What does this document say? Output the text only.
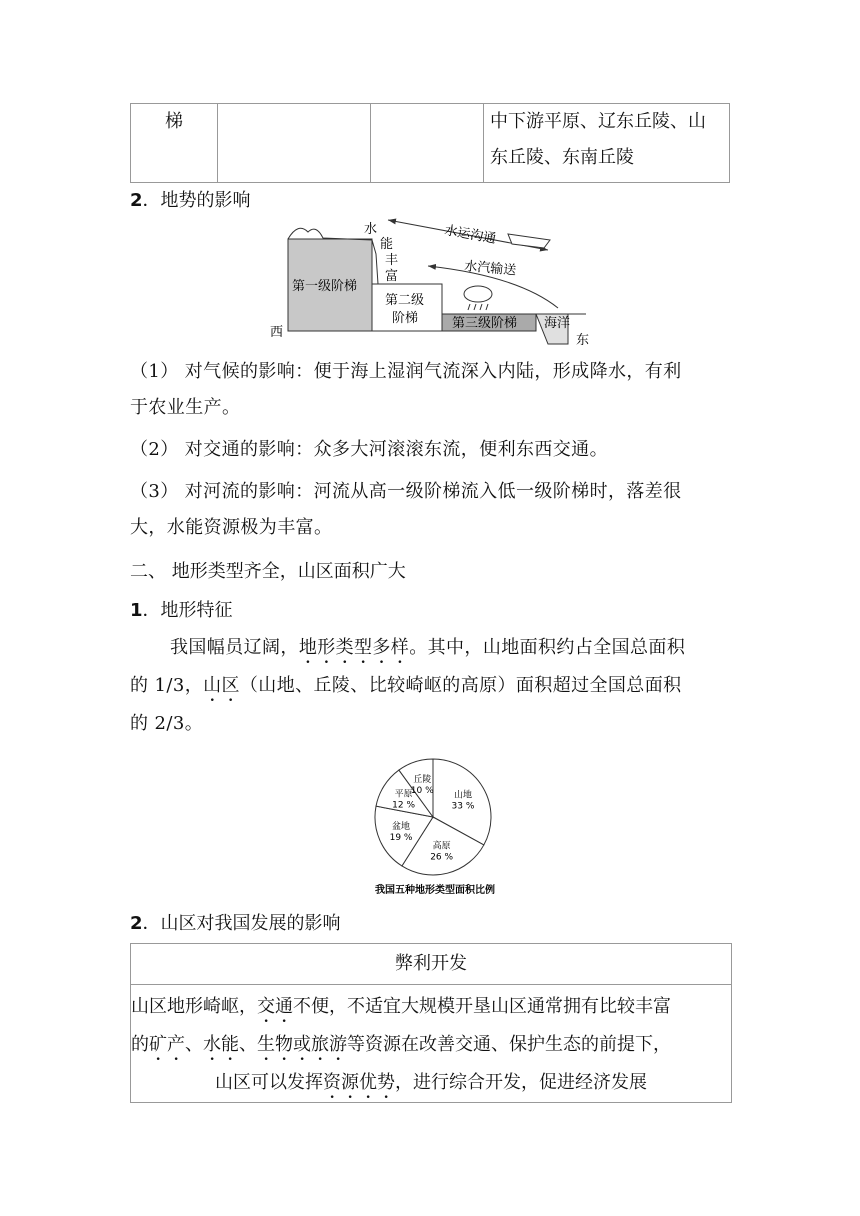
梯			中下游平原、辽东丘陵、山
东丘陵、东南丘陵
2．地势的影响
水
能
丰
富
水运沟通
水汽输送
第一级阶梯
第二级
阶梯	第三级阶梯 海洋
西
东
（1） 对气候的影响：便于海上湿润气流深入内陆，形成降水，有利
于农业生产。
（2） 对交通的影响：众多大河滚滚东流，便利东西交通。
（3） 对河流的影响：河流从高一级阶梯流入低一级阶梯时，落差很
大，水能资源极为丰富。
二、 地形类型齐全，山区面积广大
1．地形特征
我国幅员辽阔，地形类型多样。其中，山地面积约占全国总面积
的 1/3，山区（山地、丘陵、比较崎岖的高原）面积超过全国总面积
的 2/3。
山地
33 %
高原
26 %
盆地
19 %
平原
12 %
丘陵
10 %
我国五种地形类型面积比例
2．山区对我国发展的影响
弊利开发
山区地形崎岖，交通不便，不适宜大规模开垦山区通常拥有比较丰富
的矿产、水能、生物或旅游等资源在改善交通、保护生态的前提下，
山区可以发挥资源优势，进行综合开发，促进经济发展
